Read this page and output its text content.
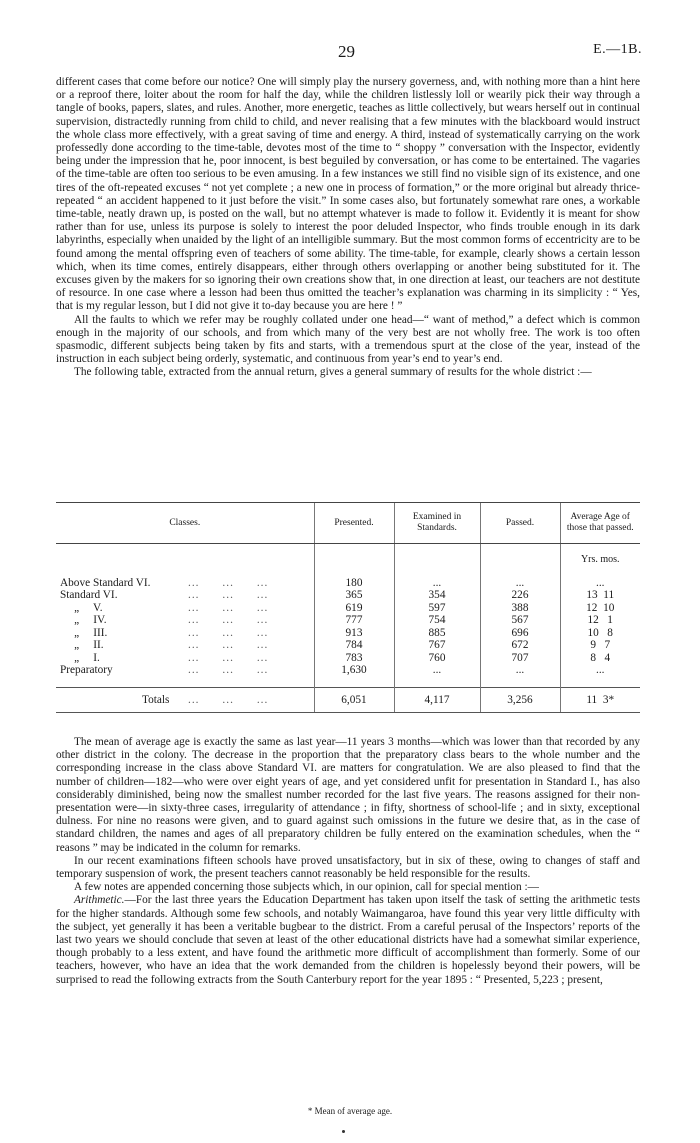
29	E.—1B.

different cases that come before our notice? One will simply play the nursery governess, and, with nothing more than a hint here or a reproof there, loiter about the room for half the day, while the children listlessly loll or wearily pick their way through a tangle of books, papers, slates, and rules. Another, more energetic, teaches as little collectively, but wears herself out in continual supervision, distractedly running from child to child, and never realising that a few minutes with the blackboard would instruct the whole class more effectively, with a great saving of time and energy. A third, instead of systematically carrying on the work professedly done according to the time-table, devotes most of the time to “ shoppy ” conversation with the Inspector, evidently being under the impression that he, poor innocent, is best beguiled by conversation, or has come to be entertained. The vagaries of the time-table are often too serious to be even amusing. In a few instances we still find no visible sign of its existence, and one tires of the oft-repeated excuses “ not yet complete ; a new one in process of formation,” or the more original but already thrice-repeated “ an accident happened to it just before the visit.” In some cases also, but fortunately somewhat rare ones, a workable time-table, neatly drawn up, is posted on the wall, but no attempt whatever is made to follow it. Evidently it is meant for show rather than for use, unless its purpose is solely to interest the poor deluded Inspector, who finds trouble enough in its dark labyrinths, especially when unaided by the light of an intelligible summary. But the most common forms of eccentricity are to be found among the mental offspring even of teachers of some ability. The time-table, for example, clearly shows a certain lesson which, when its time comes, entirely disappears, either through others overlapping or another being substituted for it. The excuses given by the makers for so ignoring their own creations show that, in one direction at least, our teachers are not destitute of resource. In one case where a lesson had been thus omitted the teacher’s explanation was charming in its simplicity : “ Yes, that is my regular lesson, but I did not give it to-day because you are here ! ”

All the faults to which we refer may be roughly collated under one head—“ want of method,” a defect which is common enough in the majority of our schools, and from which many of the very best are not wholly free. The work is too often spasmodic, different subjects being taken by fits and starts, with a tremendous spurt at the close of the year, instead of the instruction in each subject being orderly, systematic, and continuous from year’s end to year’s end.

The following table, extracted from the annual return, gives a general summary of results for the whole district :—

Classes.	Presented.	Examined in Standards.	Passed.	Average Age of those that passed.

				Yrs. mos.

Above Standard VI. ...      ...      ...	180	...	...	...
Standard VI. ...      ...      ...	365	354	226	13  11
„     V. ...      ...      ...	619	597	388	12  10
„     IV. ...      ...      ...	777	754	567	12   1
„     III. ...      ...      ...	913	885	696	10   8
„     II. ...      ...      ...	784	767	672	9   7
„     I. ...      ...      ...	783	760	707	8   4
Preparatory ...      ...      ...	1,630	...	...	...

Totals ...      ...      ...	6,051	4,117	3,256	11  3*

The mean of average age is exactly the same as last year—11 years 3 months—which was lower than that recorded by any other district in the colony. The decrease in the proportion that the preparatory class bears to the whole number and the corresponding increase in the class above Standard VI. are matters for congratulation. We are also pleased to find that the number of children—182—who were over eight years of age, and yet considered unfit for presentation in Standard I., has also considerably diminished, being now the smallest number recorded for the last five years. The reasons assigned for their non-presentation were—in sixty-three cases, irregularity of attendance ; in fifty, shortness of school-life ; and in sixty, exceptional dulness. For nine no reasons were given, and to guard against such omissions in the future we desire that, as in the case of standard children, the names and ages of all preparatory children be fully entered on the examination schedules, when the “ reasons ” may be indicated in the column for remarks.

In our recent examinations fifteen schools have proved unsatisfactory, but in six of these, owing to changes of staff and temporary suspension of work, the present teachers cannot reasonably be held responsible for the results.

A few notes are appended concerning those subjects which, in our opinion, call for special mention :—

Arithmetic.—For the last three years the Education Department has taken upon itself the task of setting the arithmetic tests for the higher standards. Although some few schools, and notably Waimangaroa, have found this year very little difficulty with the subject, yet generally it has been a veritable bugbear to the district. From a careful perusal of the Inspectors’ reports of the last two years we should conclude that seven at least of the other educational districts have had a somewhat similar experience, though probably to a less extent, and have found the arithmetic more difficult of accomplishment than formerly. Some of our teachers, however, who have an idea that the work demanded from the children is hopelessly beyond their powers, will be surprised to read the following extracts from the South Canterbury report for the year 1895 : “ Presented, 5,223 ; present,

* Mean of average age.
